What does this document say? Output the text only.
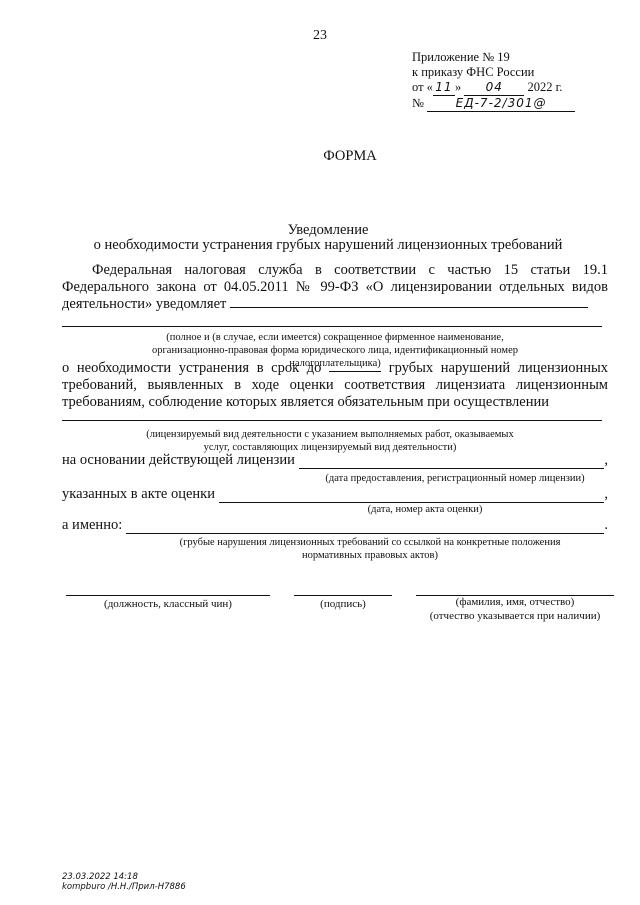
23
Приложение № 19
к приказу ФНС России
от « 11 » 04 2022 г.
№	ЕД-7-2/301@
ФОРМА
Уведомление
о необходимости устранения грубых нарушений лицензионных требований
Федеральная налоговая служба в соответствии с частью 15 статьи 19.1 Федерального закона от 04.05.2011 № 99-ФЗ «О лицензировании отдельных видов деятельности» уведомляет
(полное и (в случае, если имеется) сокращенное фирменное наименование, организационно-правовая форма юридического лица, идентификационный номер налогоплательщика)
о необходимости устранения в срок до	грубых нарушений лицензионных требований, выявленных в ходе оценки соответствия лицензиата лицензионным требованиям, соблюдение которых является обязательным при осуществлении
(лицензируемый вид деятельности с указанием выполняемых работ, оказываемых услуг, составляющих лицензируемый вид деятельности)
на основании действующей лицензии	,
(дата предоставления, регистрационный номер лицензии)
указанных в акте оценки	,
(дата, номер акта оценки)
а именно:	.
(грубые нарушения лицензионных требований со ссылкой на конкретные положения нормативных правовых актов)
(должность, классный чин)	(подпись)	(фамилия, имя, отчество)
(отчество указывается при наличии)
23.03.2022 14:18
kompburo /Н.Н./Прил-Н7886
